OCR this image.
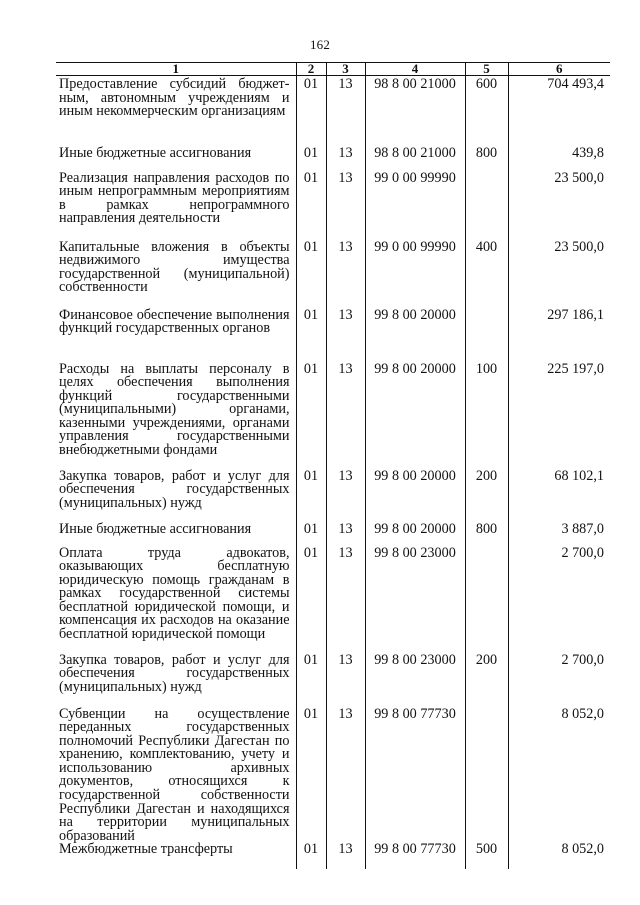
162
1	2	3	4	5	6
Предоставление субсидий бюджетным, автономным учреждениям и иным некоммерческим организациям	01	13	98 8 00 21000	600	704 493,4
Иные бюджетные ассигнования	01	13	98 8 00 21000	800	439,8
Реализация направления расходов по иным непрограммным мероприятиям в рамках непрограммного направления деятельности	01	13	99 0 00 99990		23 500,0
Капитальные вложения в объекты недвижимого имущества государственной (муниципальной) собственности	01	13	99 0 00 99990	400	23 500,0
Финансовое обеспечение выполнения функций государственных органов	01	13	99 8 00 20000		297 186,1
Расходы на выплаты персоналу в целях обеспечения выполнения функций государственными (муниципальными) органами, казенными учреждениями, органами управления государственными внебюджетными фондами	01	13	99 8 00 20000	100	225 197,0
Закупка товаров, работ и услуг для обеспечения государственных (муниципальных) нужд	01	13	99 8 00 20000	200	68 102,1
Иные бюджетные ассигнования	01	13	99 8 00 20000	800	3 887,0
Оплата труда адвокатов, оказывающих бесплатную юридическую помощь гражданам в рамках государственной системы бесплатной юридической помощи, и компенсация их расходов на оказание бесплатной юридической помощи	01	13	99 8 00 23000		2 700,0
Закупка товаров, работ и услуг для обеспечения государственных (муниципальных) нужд	01	13	99 8 00 23000	200	2 700,0
Субвенции на осуществление переданных государственных полномочий Республики Дагестан по хранению, комплектованию, учету и использованию архивных документов, относящихся к государственной собственности Республики Дагестан и находящихся на территории муниципальных образований	01	13	99 8 00 77730		8 052,0
Межбюджетные трансферты	01	13	99 8 00 77730	500	8 052,0
